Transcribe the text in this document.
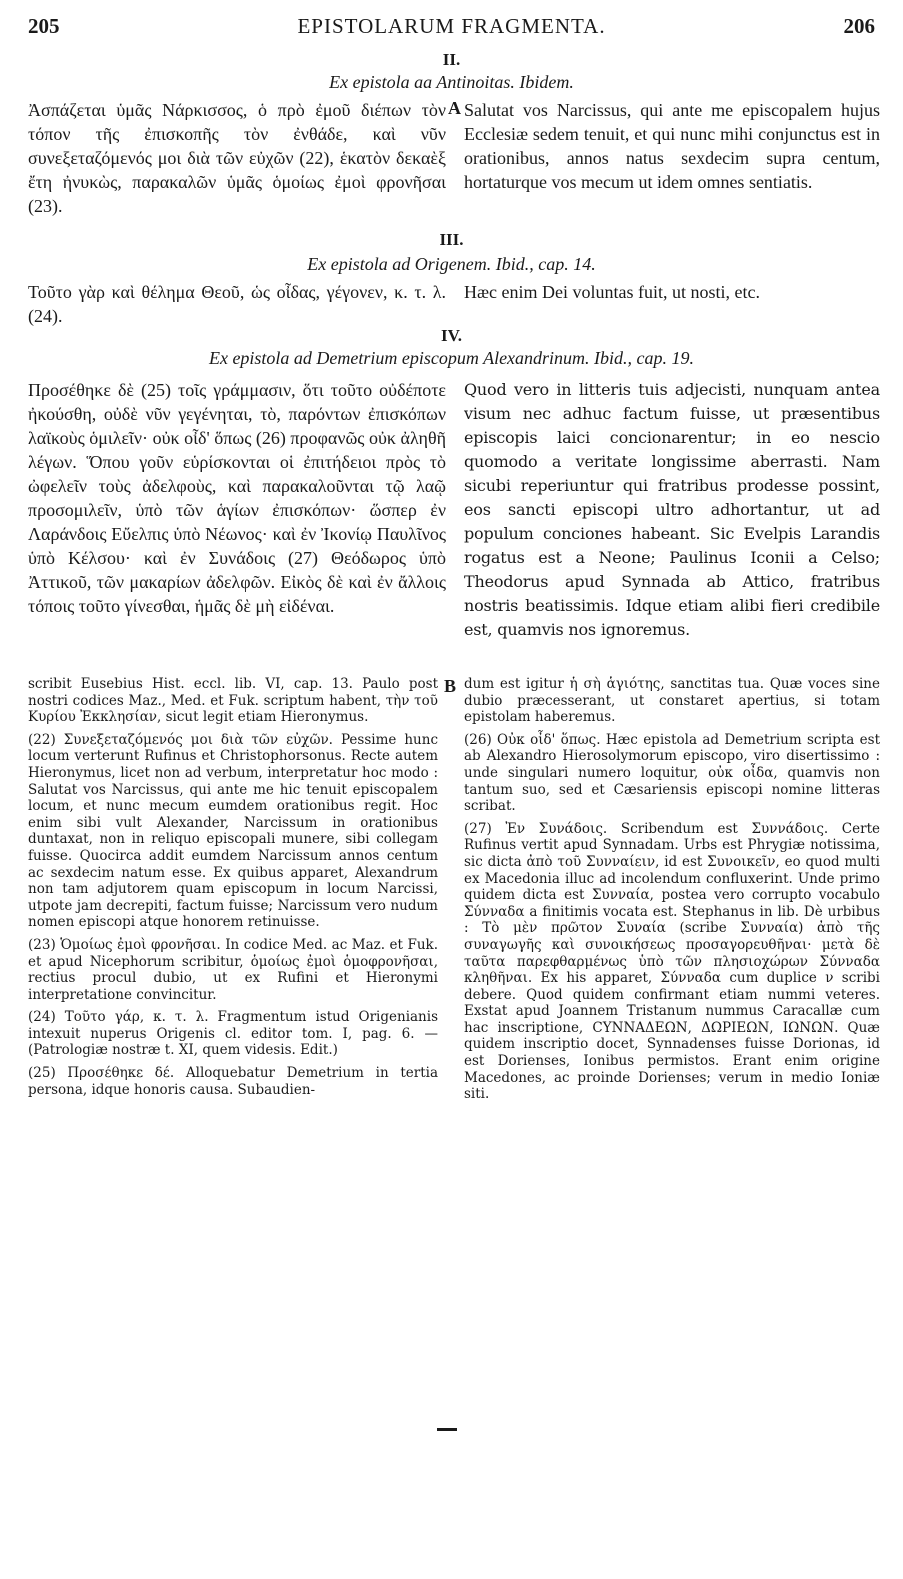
205	EPISTOLARUM FRAGMENTA.	206
II.
Ex epistola aa Antinoitas. Ibidem.

Ἀσπάζεται ὑμᾶς Νάρκισσος, ὁ πρὸ ἐμοῦ διέπων τὸν τόπον τῆς ἐπισκοπῆς τὸν ἐνθάδε, καὶ νῦν συνεξεταζόμενός μοι διὰ τῶν εὐχῶν (22), ἑκατὸν δεκαὲξ ἔτη ἠνυκὼς, παρακαλῶν ὑμᾶς ὁμοίως ἐμοὶ φρονῆσαι (23).

A Salutat vos Narcissus, qui ante me episcopalem hujus Ecclesiæ sedem tenuit, et qui nunc mihi conjunctus est in orationibus, annos natus sexdecim supra centum, hortaturque vos mecum ut idem omnes sentiatis.

III.
Ex epistola ad Origenem. Ibid., cap. 14.

Τοῦτο γὰρ καὶ θέλημα Θεοῦ, ὡς οἶδας, γέγονεν, κ. τ. λ. (24).

Hæc enim Dei voluntas fuit, ut nosti, etc.

IV.
Ex epistola ad Demetrium episcopum Alexandrinum. Ibid., cap. 19.

Προσέθηκε δὲ (25) τοῖς γράμμασιν, ὅτι τοῦτο οὐδέποτε ἠκούσθη, οὐδὲ νῦν γεγένηται, τὸ, παρόντων ἐπισκόπων λαϊκοὺς ὁμιλεῖν· οὐκ οἶδ' ὅπως (26) προφανῶς οὐκ ἀληθῆ λέγων. Ὅπου γοῦν εὑρίσκονται οἱ ἐπιτήδειοι πρὸς τὸ ὠφελεῖν τοὺς ἀδελφοὺς, καὶ παρακαλοῦνται τῷ λαῷ προσομιλεῖν, ὑπὸ τῶν ἁγίων ἐπισκόπων· ὥσπερ ἐν Λαράνδοις Εὔελπις ὑπὸ Νέωνος· καὶ ἐν Ἰκονίῳ Παυλῖνος ὑπὸ Κέλσου· καὶ ἐν Συνάδοις (27) Θεόδωρος ὑπὸ Ἀττικοῦ, τῶν μακαρίων ἀδελφῶν. Εἰκὸς δὲ καὶ ἐν ἄλλοις τόποις τοῦτο γίνεσθαι, ἡμᾶς δὲ μὴ εἰδέναι.

Quod vero in litteris tuis adjecisti, nunquam antea visum nec adhuc factum fuisse, ut præsentibus episcopis laici concionarentur; in eo nescio quomodo a veritate longissime aberrasti. Nam sicubi reperiuntur qui fratribus prodesse possint, eos sancti episcopi ultro adhortantur, ut ad populum conciones habeant. Sic Evelpis Larandis rogatus est a Neone; Paulinus Iconii a Celso; Theodorus apud Synnada ab Attico, fratribus nostris beatissimis. Idque etiam alibi fieri credibile est, quamvis nos ignoremus.

scribit Eusebius Hist. eccl. lib. VI, cap. 13. Paulo post nostri codices Maz., Med. et Fuk. scriptum habent, τὴν τοῦ Κυρίου Ἐκκλησίαν, sicut legit etiam Hieronymus.

(22) Συνεξεταζόμενός μοι διὰ τῶν εὐχῶν. Pessime hunc locum verterunt Rufinus et Christophorsonus. Recte autem Hieronymus, licet non ad verbum, interpretatur hoc modo : Salutat vos Narcissus, qui ante me hic tenuit episcopalem locum, et nunc mecum eumdem orationibus regit. Hoc enim sibi vult Alexander, Narcissum in orationibus duntaxat, non in reliquo episcopali munere, sibi collegam fuisse. Quocirca addit eumdem Narcissum annos centum ac sexdecim natum esse. Ex quibus apparet, Alexandrum non tam adjutorem quam episcopum in locum Narcissi, utpote jam decrepiti, factum fuisse; Narcissum vero nudum nomen episcopi atque honorem retinuisse.

(23) Ὁμοίως ἐμοὶ φρονῆσαι. In codice Med. ac Maz. et Fuk. et apud Nicephorum scribitur, ὁμοίως ἐμοὶ ὁμοφρονῆσαι, rectius procul dubio, ut ex Rufini et Hieronymi interpretatione convincitur.

(24) Τοῦτο γάρ, κ. τ. λ. Fragmentum istud Origenianis intexuit nuperus Origenis cl. editor tom. I, pag. 6. — (Patrologiæ nostræ t. XI, quem videsis. Edit.)

(25) Προσέθηκε δέ. Alloquebatur Demetrium in tertia persona, idque honoris causa. Subaudien-

B dum est igitur ἡ σὴ ἁγιότης, sanctitas tua. Quæ voces sine dubio præcesserant, ut constaret apertius, si totam epistolam haberemus.

(26) Οὐκ οἶδ' ὅπως. Hæc epistola ad Demetrium scripta est ab Alexandro Hierosolymorum episcopo, viro disertissimo : unde singulari numero loquitur, οὐκ οἶδα, quamvis non tantum suo, sed et Cæsariensis episcopi nomine litteras scribat.

(27) Ἐν Συνάδοις. Scribendum est Συννάδοις. Certe Rufinus vertit apud Synnadam. Urbs est Phrygiæ notissima, sic dicta ἀπὸ τοῦ Συνναίειν, id est Συνοικεῖν, eo quod multi ex Macedonia illuc ad incolendum confluxerint. Unde primo quidem dicta est Συνναία, postea vero corrupto vocabulo Σύνναδα a finitimis vocata est. Stephanus in lib. Dè urbibus : Τὸ μὲν πρῶτον Συναία (scribe Συνναία) ἀπὸ τῆς συναγωγῆς καὶ συνοικήσεως προσαγορευθῆναι· μετὰ δὲ ταῦτα παρεφθαρμένως ὑπὸ τῶν πλησιοχώρων Σύνναδα κληθῆναι. Ex his apparet, Σύνναδα cum duplice ν scribi debere. Quod quidem confirmant etiam nummi veteres. Exstat apud Joannem Tristanum nummus Caracallæ cum hac inscriptione, CΥΝΝΑΔΕΩΝ, ΔΩΡΙΕΩΝ, ΙΩΝΩΝ. Quæ quidem inscriptio docet, Synnadenses fuisse Dorionas, id est Dorienses, Ionibus permistos. Erant enim origine Macedones, ac proinde Dorienses; verum in medio Ioniæ siti.
